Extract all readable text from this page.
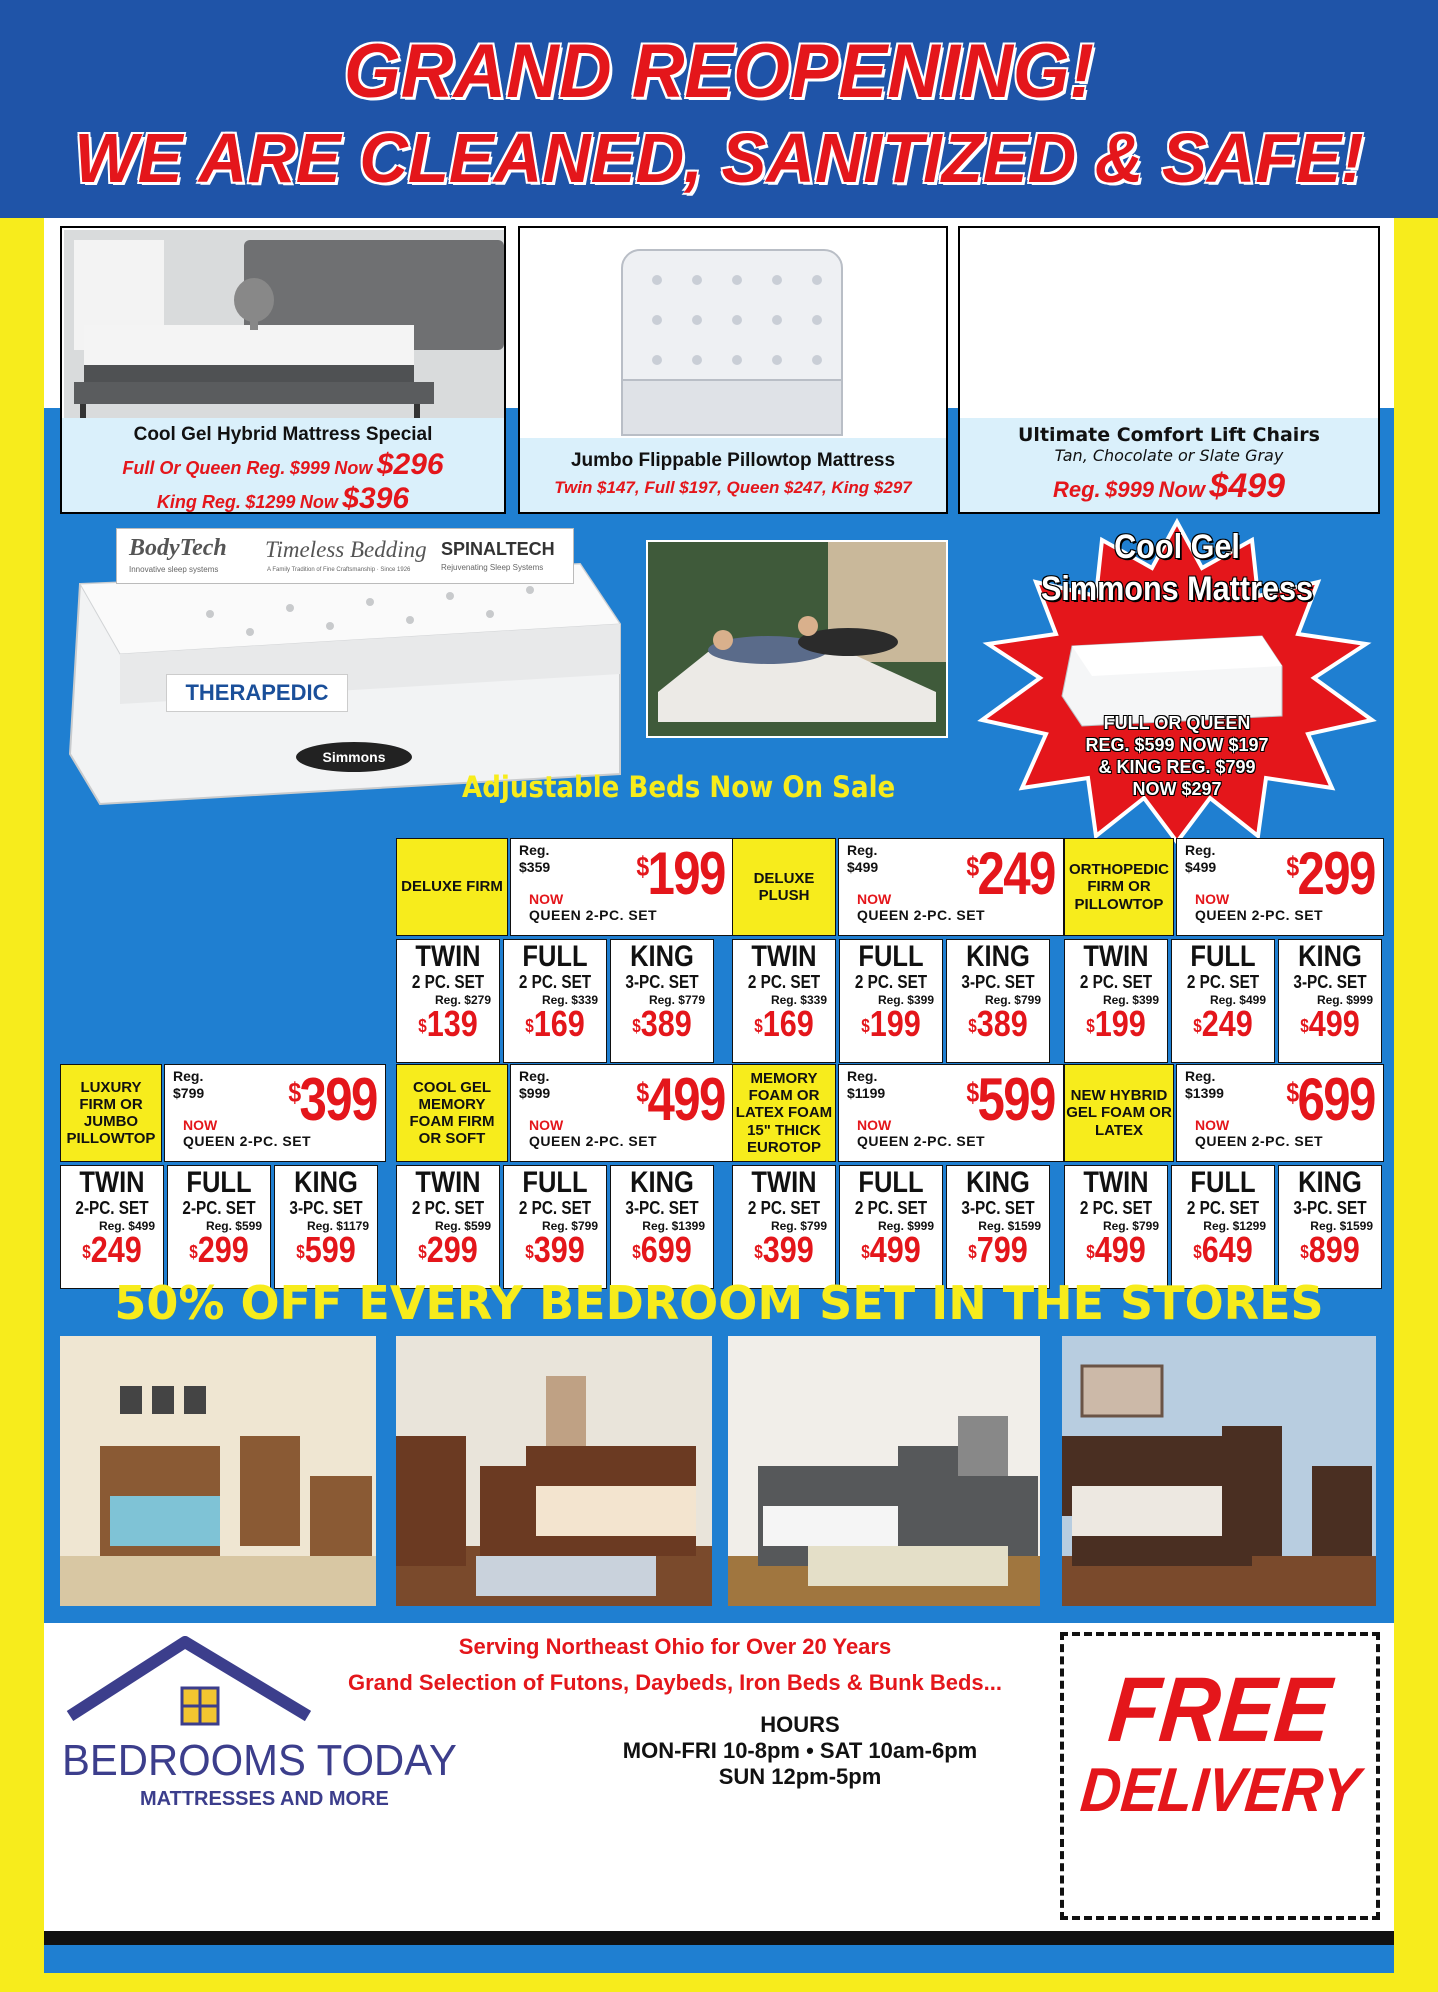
GRAND REOPENING!
WE ARE CLEANED, SANITIZED & SAFE!
Cool Gel Hybrid Mattress Special
Full Or Queen Reg. $999 Now $296
King Reg. $1299 Now $396
Jumbo Flippable Pillowtop Mattress
Twin $147, Full $197, Queen $247, King $297
Ultimate Comfort Lift Chairs
Tan, Chocolate or Slate Gray
Reg. $999 Now $499
BodyTech
Innovative sleep systems
Timeless Bedding
A Family Tradition of Fine Craftsmanship · Since 1926
SPINALTECH
Rejuvenating Sleep Systems
THERAPEDIC
Simmons
Adjustable Beds Now On Sale
Cool Gel
Simmons Mattress
FULL OR QUEEN
REG. $599 NOW $197
& KING REG. $799
NOW $297
DELUXE FIRM
Reg.
$359	$199
NOW
QUEEN 2-PC. SET
TWIN
2 PC. SET
Reg. $279
$139
FULL
2 PC. SET
Reg. $339
$169
KING
3-PC. SET
Reg. $779
$389
DELUXE PLUSH
Reg.
$499	$249
NOW
QUEEN 2-PC. SET
TWIN
2 PC. SET
Reg. $339
$169
FULL
2 PC. SET
Reg. $399
$199
KING
3-PC. SET
Reg. $799
$389
ORTHOPEDIC FIRM OR PILLOWTOP
Reg.
$499	$299
NOW
QUEEN 2-PC. SET
TWIN
2 PC. SET
Reg. $399
$199
FULL
2 PC. SET
Reg. $499
$249
KING
3-PC. SET
Reg. $999
$499
LUXURY FIRM OR JUMBO PILLOWTOP
Reg.
$799	$399
NOW
QUEEN 2-PC. SET
TWIN
2-PC. SET
Reg. $499
$249
FULL
2-PC. SET
Reg. $599
$299
KING
3-PC. SET
Reg. $1179
$599
COOL GEL MEMORY FOAM FIRM OR SOFT
Reg.
$999	$499
NOW
QUEEN 2-PC. SET
TWIN
2 PC. SET
Reg. $599
$299
FULL
2 PC. SET
Reg. $799
$399
KING
3-PC. SET
Reg. $1399
$699
MEMORY FOAM OR LATEX FOAM 15" THICK EUROTOP
Reg.
$1199	$599
NOW
QUEEN 2-PC. SET
TWIN
2 PC. SET
Reg. $799
$399
FULL
2 PC. SET
Reg. $999
$499
KING
3-PC. SET
Reg. $1599
$799
NEW HYBRID GEL FOAM OR LATEX
Reg.
$1399 $699
NOW
QUEEN 2-PC. SET
TWIN
2 PC. SET
Reg. $799
$499
FULL
2 PC. SET
Reg. $1299
$649
KING
3-PC. SET
Reg. $1599
$899
50% OFF EVERY BEDROOM SET IN THE STORES
BEDROOMS TODAY
MATTRESSES AND MORE
Serving Northeast Ohio for Over 20 Years
Grand Selection of Futons, Daybeds, Iron Beds & Bunk Beds...
HOURS
MON-FRI 10-8pm • SAT 10am-6pm
SUN 12pm-5pm
FREE
DELIVERY
